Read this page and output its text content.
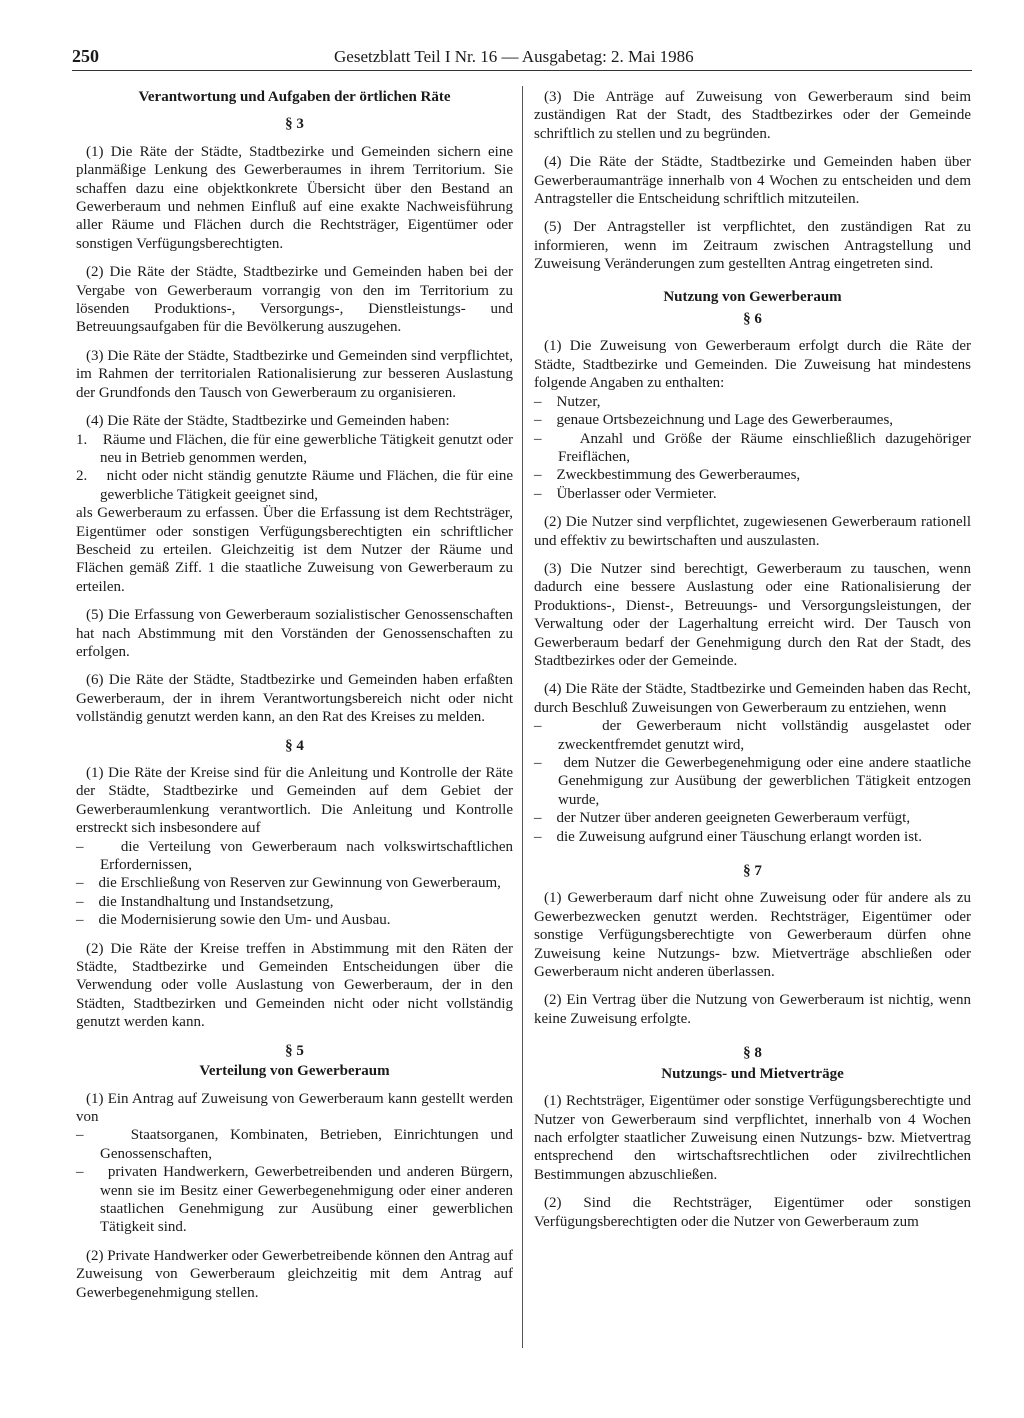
250	Gesetzblatt Teil I Nr. 16 — Ausgabetag: 2. Mai 1986

Verantwortung und Aufgaben der örtlichen Räte

§ 3

(1) Die Räte der Städte, Stadtbezirke und Gemeinden sichern eine planmäßige Lenkung des Gewerberaumes in ihrem Territorium. Sie schaffen dazu eine objektkonkrete Übersicht über den Bestand an Gewerberaum und nehmen Einfluß auf eine exakte Nachweisführung aller Räume und Flächen durch die Rechtsträger, Eigentümer oder sonstigen Verfügungsberechtigten.

(2) Die Räte der Städte, Stadtbezirke und Gemeinden haben bei der Vergabe von Gewerberaum vorrangig von den im Territorium zu lösenden Produktions-, Versorgungs-, Dienstleistungs- und Betreuungsaufgaben für die Bevölkerung auszugehen.

(3) Die Räte der Städte, Stadtbezirke und Gemeinden sind verpflichtet, im Rahmen der territorialen Rationalisierung zur besseren Auslastung der Grundfonds den Tausch von Gewerberaum zu organisieren.

(4) Die Räte der Städte, Stadtbezirke und Gemeinden haben:

1. Räume und Flächen, die für eine gewerbliche Tätigkeit genutzt oder neu in Betrieb genommen werden,

2. nicht oder nicht ständig genutzte Räume und Flächen, die für eine gewerbliche Tätigkeit geeignet sind,

als Gewerberaum zu erfassen. Über die Erfassung ist dem Rechtsträger, Eigentümer oder sonstigen Verfügungsberechtigten ein schriftlicher Bescheid zu erteilen. Gleichzeitig ist dem Nutzer der Räume und Flächen gemäß Ziff. 1 die staatliche Zuweisung von Gewerberaum zu erteilen.

(5) Die Erfassung von Gewerberaum sozialistischer Genossenschaften hat nach Abstimmung mit den Vorständen der Genossenschaften zu erfolgen.

(6) Die Räte der Städte, Stadtbezirke und Gemeinden haben erfaßten Gewerberaum, der in ihrem Verantwortungsbereich nicht oder nicht vollständig genutzt werden kann, an den Rat des Kreises zu melden.

§ 4

(1) Die Räte der Kreise sind für die Anleitung und Kontrolle der Räte der Städte, Stadtbezirke und Gemeinden auf dem Gebiet der Gewerberaumlenkung verantwortlich. Die Anleitung und Kontrolle erstreckt sich insbesondere auf

–    die Verteilung von Gewerberaum nach volkswirtschaftlichen Erfordernissen,

–    die Erschließung von Reserven zur Gewinnung von Gewerberaum,

–    die Instandhaltung und Instandsetzung,

–    die Modernisierung sowie den Um- und Ausbau.

(2) Die Räte der Kreise treffen in Abstimmung mit den Räten der Städte, Stadtbezirke und Gemeinden Entscheidungen über die Verwendung oder volle Auslastung von Gewerberaum, der in den Städten, Stadtbezirken und Gemeinden nicht oder nicht vollständig genutzt werden kann.

§ 5

Verteilung von Gewerberaum

(1) Ein Antrag auf Zuweisung von Gewerberaum kann gestellt werden von

–    Staatsorganen, Kombinaten, Betrieben, Einrichtungen und Genossenschaften,

–    privaten Handwerkern, Gewerbetreibenden und anderen Bürgern, wenn sie im Besitz einer Gewerbegenehmigung oder einer anderen staatlichen Genehmigung zur Ausübung einer gewerblichen Tätigkeit sind.

(2) Private Handwerker oder Gewerbetreibende können den Antrag auf Zuweisung von Gewerberaum gleichzeitig mit dem Antrag auf Gewerbegenehmigung stellen.

(3) Die Anträge auf Zuweisung von Gewerberaum sind beim zuständigen Rat der Stadt, des Stadtbezirkes oder der Gemeinde schriftlich zu stellen und zu begründen.

(4) Die Räte der Städte, Stadtbezirke und Gemeinden haben über Gewerberaumanträge innerhalb von 4 Wochen zu entscheiden und dem Antragsteller die Entscheidung schriftlich mitzuteilen.

(5) Der Antragsteller ist verpflichtet, den zuständigen Rat zu informieren, wenn im Zeitraum zwischen Antragstellung und Zuweisung Veränderungen zum gestellten Antrag eingetreten sind.

Nutzung von Gewerberaum

§ 6

(1) Die Zuweisung von Gewerberaum erfolgt durch die Räte der Städte, Stadtbezirke und Gemeinden. Die Zuweisung hat mindestens folgende Angaben zu enthalten:

–    Nutzer,

–    genaue Ortsbezeichnung und Lage des Gewerberaumes,

–    Anzahl und Größe der Räume einschließlich dazugehöriger Freiflächen,

–    Zweckbestimmung des Gewerberaumes,

–    Überlasser oder Vermieter.

(2) Die Nutzer sind verpflichtet, zugewiesenen Gewerberaum rationell und effektiv zu bewirtschaften und auszulasten.

(3) Die Nutzer sind berechtigt, Gewerberaum zu tauschen, wenn dadurch eine bessere Auslastung oder eine Rationalisierung der Produktions-, Dienst-, Betreuungs- und Versorgungsleistungen, der Verwaltung oder der Lagerhaltung erreicht wird. Der Tausch von Gewerberaum bedarf der Genehmigung durch den Rat der Stadt, des Stadtbezirkes oder der Gemeinde.

(4) Die Räte der Städte, Stadtbezirke und Gemeinden haben das Recht, durch Beschluß Zuweisungen von Gewerberaum zu entziehen, wenn

–    der Gewerberaum nicht vollständig ausgelastet oder zweckentfremdet genutzt wird,

–    dem Nutzer die Gewerbegenehmigung oder eine andere staatliche Genehmigung zur Ausübung der gewerblichen Tätigkeit entzogen wurde,

–    der Nutzer über anderen geeigneten Gewerberaum verfügt,

–    die Zuweisung aufgrund einer Täuschung erlangt worden ist.

§ 7

(1) Gewerberaum darf nicht ohne Zuweisung oder für andere als zu Gewerbezwecken genutzt werden. Rechtsträger, Eigentümer oder sonstige Verfügungsberechtigte von Gewerberaum dürfen ohne Zuweisung keine Nutzungs- bzw. Mietverträge abschließen oder Gewerberaum nicht anderen überlassen.

(2) Ein Vertrag über die Nutzung von Gewerberaum ist nichtig, wenn keine Zuweisung erfolgte.

§ 8

Nutzungs- und Mietverträge

(1) Rechtsträger, Eigentümer oder sonstige Verfügungsberechtigte und Nutzer von Gewerberaum sind verpflichtet, innerhalb von 4 Wochen nach erfolgter staatlicher Zuweisung einen Nutzungs- bzw. Mietvertrag entsprechend den wirtschaftsrechtlichen oder zivilrechtlichen Bestimmungen abzuschließen.

(2) Sind die Rechtsträger, Eigentümer oder sonstigen Verfügungsberechtigten oder die Nutzer von Gewerberaum zum
